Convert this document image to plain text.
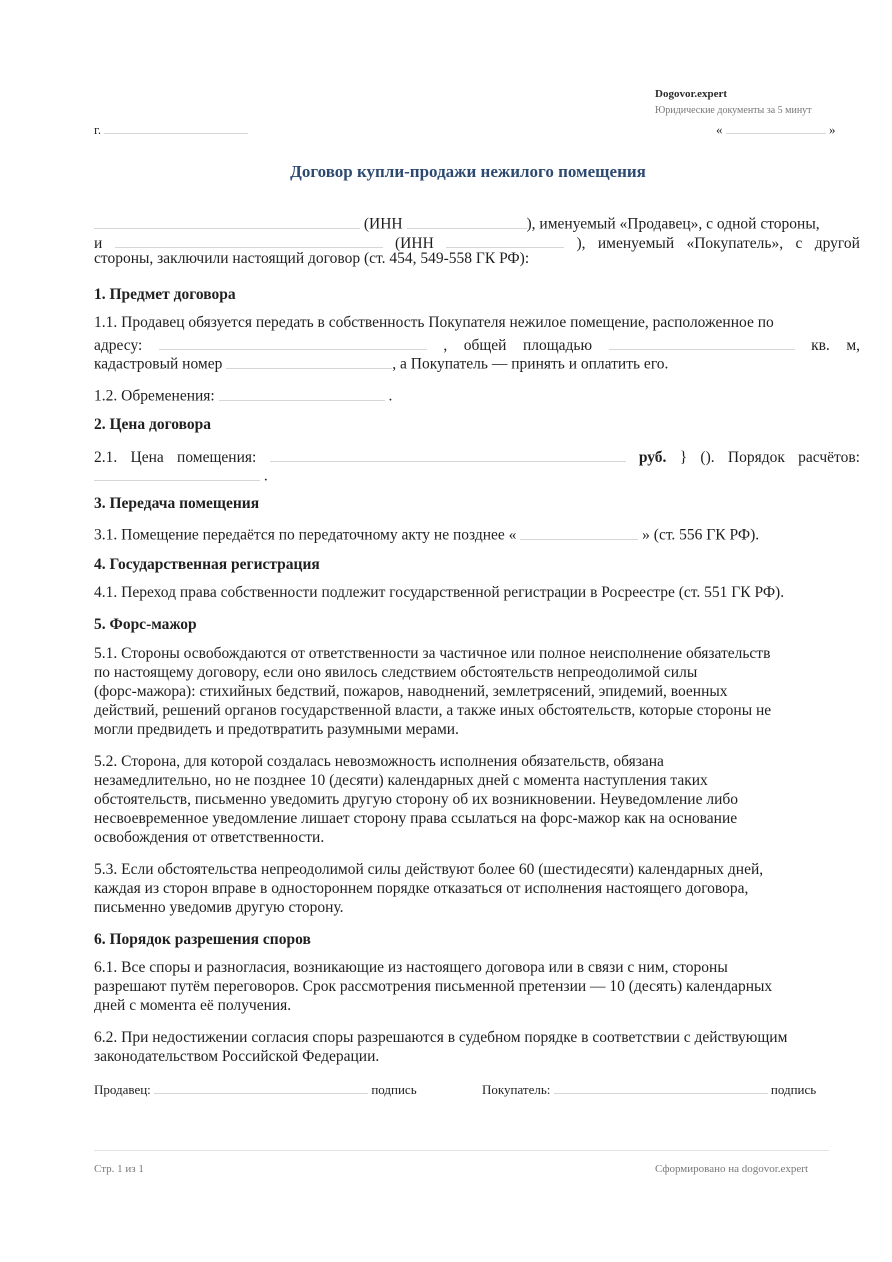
Dogovor.expert
Юридические документы за 5 минут
г.	«	»
Договор купли-продажи нежилого помещения
(ИНН	), именуемый «Продавец», с одной стороны,
и	(ИНН	), именуемый «Покупатель», с другой
стороны, заключили настоящий договор (ст. 454, 549-558 ГК РФ):
1. Предмет договора
1.1. Продавец обязуется передать в собственность Покупателя нежилое помещение, расположенное по
адресу:	, общей площадью	кв. м,
кадастровый номер	, а Покупатель — принять и оплатить его.
1.2. Обременения:	.
2. Цена договора
2.1. Цена помещения:	руб. } (). Порядок расчётов:
.
3. Передача помещения
3.1. Помещение передаётся по передаточному акту не позднее «	» (ст. 556 ГК РФ).
4. Государственная регистрация
4.1. Переход права собственности подлежит государственной регистрации в Росреестре (ст. 551 ГК РФ).
5. Форс-мажор
5.1. Стороны освобождаются от ответственности за частичное или полное неисполнение обязательств
по настоящему договору, если оно явилось следствием обстоятельств непреодолимой силы
(форс-мажора): стихийных бедствий, пожаров, наводнений, землетрясений, эпидемий, военных
действий, решений органов государственной власти, а также иных обстоятельств, которые стороны не
могли предвидеть и предотвратить разумными мерами.
5.2. Сторона, для которой создалась невозможность исполнения обязательств, обязана
незамедлительно, но не позднее 10 (десяти) календарных дней с момента наступления таких
обстоятельств, письменно уведомить другую сторону об их возникновении. Неуведомление либо
несвоевременное уведомление лишает сторону права ссылаться на форс-мажор как на основание
освобождения от ответственности.
5.3. Если обстоятельства непреодолимой силы действуют более 60 (шестидесяти) календарных дней,
каждая из сторон вправе в одностороннем порядке отказаться от исполнения настоящего договора,
письменно уведомив другую сторону.
6. Порядок разрешения споров
6.1. Все споры и разногласия, возникающие из настоящего договора или в связи с ним, стороны
разрешают путём переговоров. Срок рассмотрения письменной претензии — 10 (десять) календарных
дней с момента её получения.
6.2. При недостижении согласия споры разрешаются в судебном порядке в соответствии с действующим
законодательством Российской Федерации.
Продавец:	подпись	Покупатель:	подпись
Стр. 1 из 1	Сформировано на dogovor.expert
